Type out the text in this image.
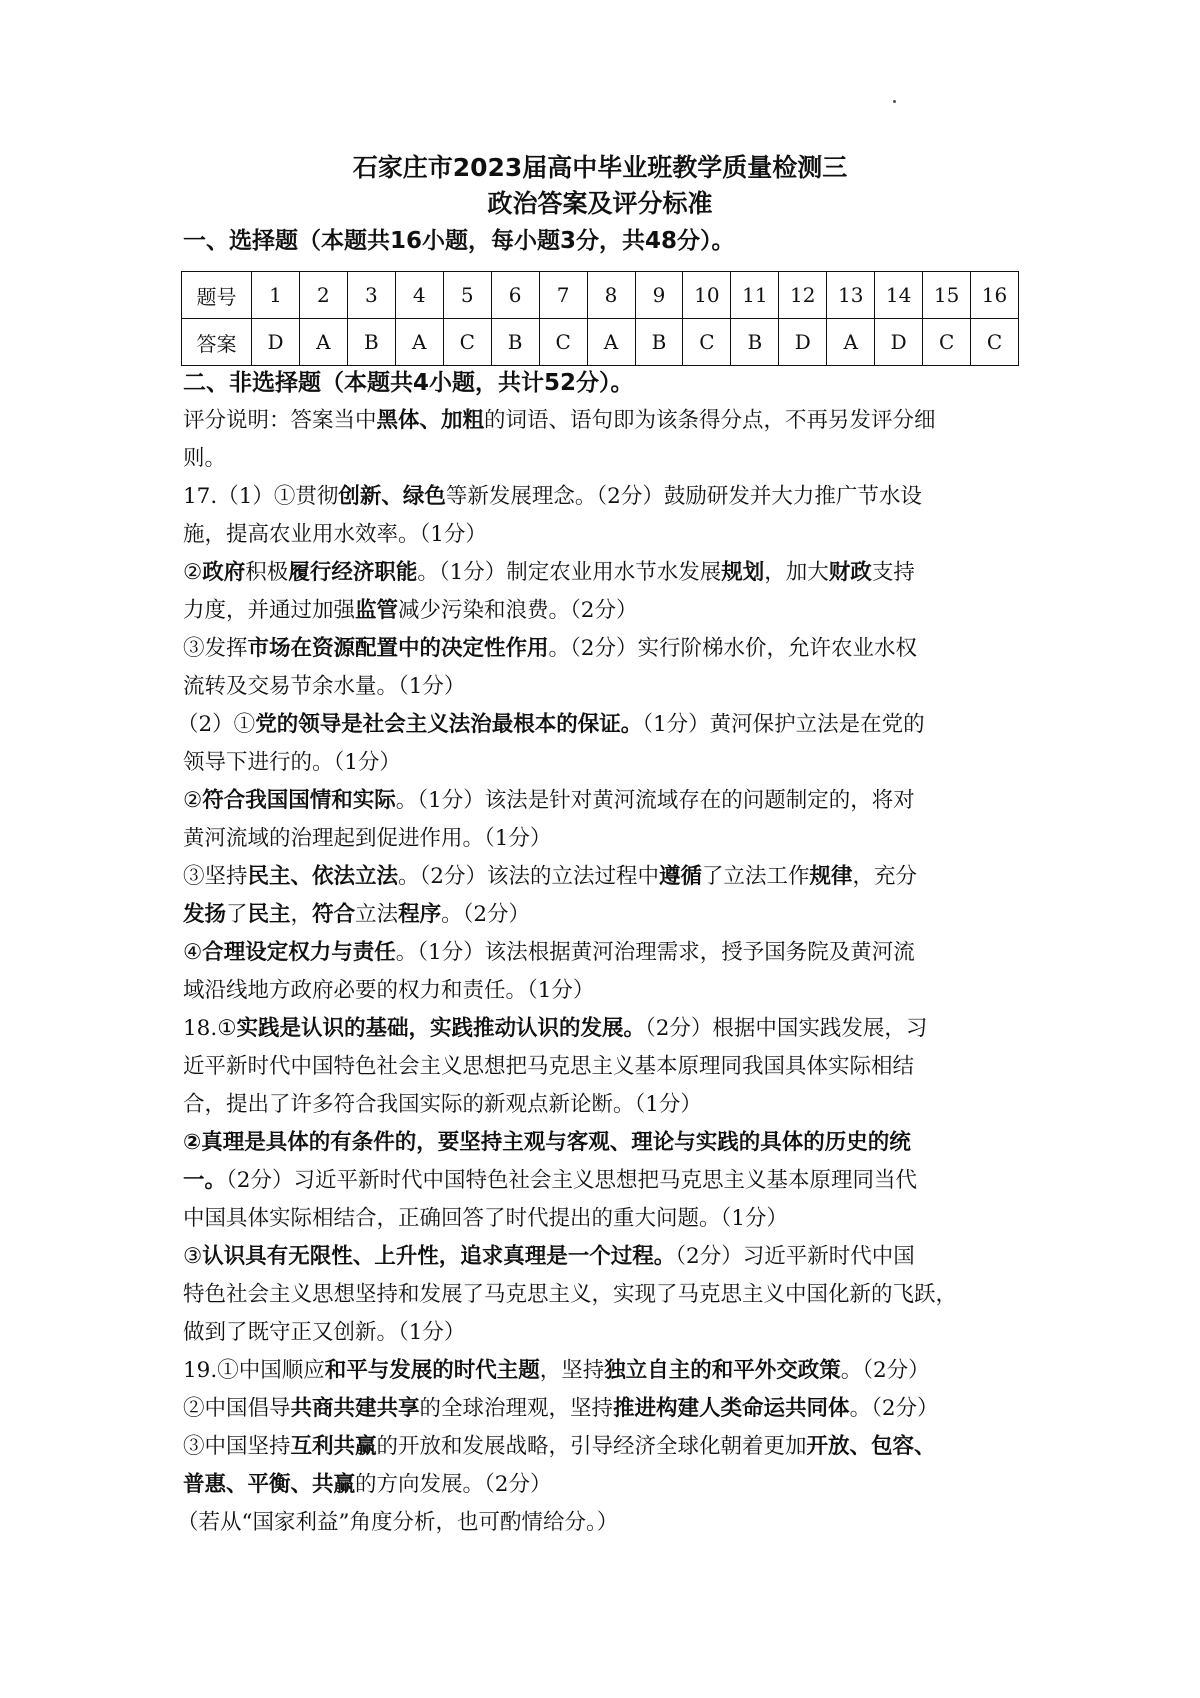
石家庄市2023届高中毕业班教学质量检测三
政治答案及评分标准
一、选择题（本题共16小题，每小题3分，共48分）。
题号	1	2	3	4	5	6	7	8	9	10	11	12	13	14	15	16
答案	D	A	B	A	C	B	C	A	B	C	B	D	A	D	C	C
二、非选择题（本题共4小题，共计52分）。
评分说明：答案当中黑体、加粗的词语、语句即为该条得分点，不再另发评分细
则。
17.（1）①贯彻创新、绿色等新发展理念。（2分）鼓励研发并大力推广节水设
施，提高农业用水效率。（1分）
②政府积极履行经济职能。（1分）制定农业用水节水发展规划，加大财政支持
力度，并通过加强监管减少污染和浪费。（2分）
③发挥市场在资源配置中的决定性作用。（2分）实行阶梯水价，允许农业水权
流转及交易节余水量。（1分）
（2）①党的领导是社会主义法治最根本的保证。（1分）黄河保护立法是在党的
领导下进行的。（1分）
②符合我国国情和实际。（1分）该法是针对黄河流域存在的问题制定的，将对
黄河流域的治理起到促进作用。（1分）
③坚持民主、依法立法。（2分）该法的立法过程中遵循了立法工作规律，充分
发扬了民主，符合立法程序。（2分）
④合理设定权力与责任。（1分）该法根据黄河治理需求，授予国务院及黄河流
域沿线地方政府必要的权力和责任。（1分）
18.①实践是认识的基础，实践推动认识的发展。（2分）根据中国实践发展，习
近平新时代中国特色社会主义思想把马克思主义基本原理同我国具体实际相结
合，提出了许多符合我国实际的新观点新论断。（1分）
②真理是具体的有条件的，要坚持主观与客观、理论与实践的具体的历史的统
一。（2分）习近平新时代中国特色社会主义思想把马克思主义基本原理同当代
中国具体实际相结合，正确回答了时代提出的重大问题。（1分）
③认识具有无限性、上升性，追求真理是一个过程。（2分）习近平新时代中国
特色社会主义思想坚持和发展了马克思主义，实现了马克思主义中国化新的飞跃，
做到了既守正又创新。（1分）
19.①中国顺应和平与发展的时代主题，坚持独立自主的和平外交政策。（2分）
②中国倡导共商共建共享的全球治理观，坚持推进构建人类命运共同体。（2分）
③中国坚持互利共赢的开放和发展战略，引导经济全球化朝着更加开放、包容、
普惠、平衡、共赢的方向发展。（2分）
（若从“国家利益”角度分析，也可酌情给分。）
